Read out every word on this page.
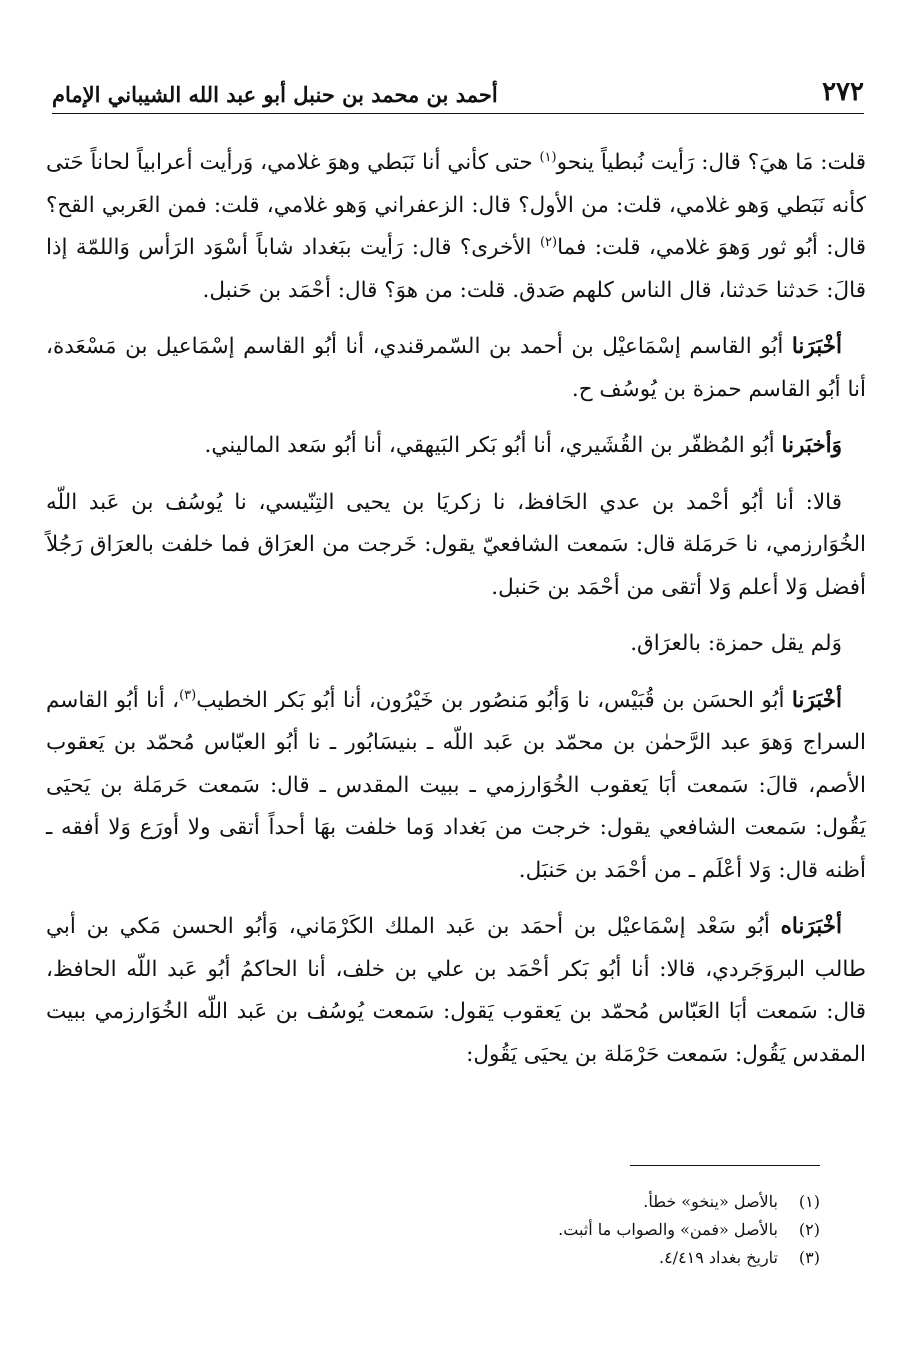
٢٧٢
أحمد بن محمد بن حنبل أبو عبد الله الشيباني الإمام

قلت: مَا هيَ؟ قال: رَأيت نُبطياً ينحو$^{(١)}$ حتى كأني أنا نَبَطي وهوَ غلامي، وَرأيت أعرابياً لحاناً حَتى كأنه نَبَطي وَهو غلامي، قلت: من الأول؟ قال: الزعفراني وَهو غلامي، قلت: فمن العَربي القح؟ قال: أبُو ثور وَهوَ غلامي، قلت: فما$^{(٢)}$ الأخرى؟ قال: رَأيت ببَغداد شاباً أسْوَد الرَأس وَاللمّة إذا قالَ: حَدثنا حَدثنا، قال الناس كلهم صَدق. قلت: من هوَ؟ قال: أحْمَد بن حَنبل.

أخْبَرَنا أبُو القاسم إسْمَاعيْل بن أحمد بن السّمرقندي، أنا أبُو القاسم إسْمَاعيل بن مَسْعَدة، أنا أبُو القاسم حمزة بن يُوسُف ح.

وَأخبَرنا أبُو المُظفّر بن القُشَيري، أنا أبُو بَكر البَيهقي، أنا أبُو سَعد الماليني.

قالا: أنا أبُو أحْمد بن عدي الحَافظ، نا زكريَا بن يحيى التِنّيسي، نا يُوسُف بن عَبد اللّه الخُوَارزمي، نا حَرمَلة قال: سَمعت الشافعيّ يقول: خَرجت من العرَاق فما خلفت بالعرَاق رَجُلاً أفضل وَلا أعلم وَلا أتقى من أحْمَد بن حَنبل.

وَلم يقل حمزة: بالعرَاق.

أخْبَرَنا أبُو الحسَن بن قُبَيْس، نا وَأبُو مَنصُور بن خَيْرُون، أنا أبُو بَكر الخطيب$^{(٣)}$، أنا أبُو القاسم السراج وَهوَ عبد الرَّحمٰن بن محمّد بن عَبد اللّه ـ بنيسَابُور ـ نا أبُو العبّاس مُحمّد بن يَعقوب الأصم، قالَ: سَمعت أبَا يَعقوب الخُوَارزمي ـ ببيت المقدس ـ قال: سَمعت حَرمَلة بن يَحيَى يَقُول: سَمعت الشافعي يقول: خرجت من بَغداد وَما خلفت بهَا أحداً أتقى ولا أورَع وَلا أفقه ـ أظنه قال: وَلا أعْلَم ـ من أحْمَد بن حَنبَل.

أخْبَرَناه أبُو سَعْد إسْمَاعيْل بن أحمَد بن عَبد الملك الكَرْمَاني، وَأبُو الحسن مَكي بن أبي طالب البروَجَردي، قالا: أنا أبُو بَكر أحْمَد بن علي بن خلف، أنا الحاكمُ أبُو عَبد اللّه الحافظ، قال: سَمعت أبَا العَبّاس مُحمّد بن يَعقوب يَقول: سَمعت يُوسُف بن عَبد اللّه الخُوَارزمي ببيت المقدس يَقُول: سَمعت حَرْمَلة بن يحيَى يَقُول:

(١)
بالأصل «ينخو» خطأ.
(٢)
بالأصل «فمن» والصواب ما أثبت.
(٣)
تاريخ بغداد ٤/٤١٩.
